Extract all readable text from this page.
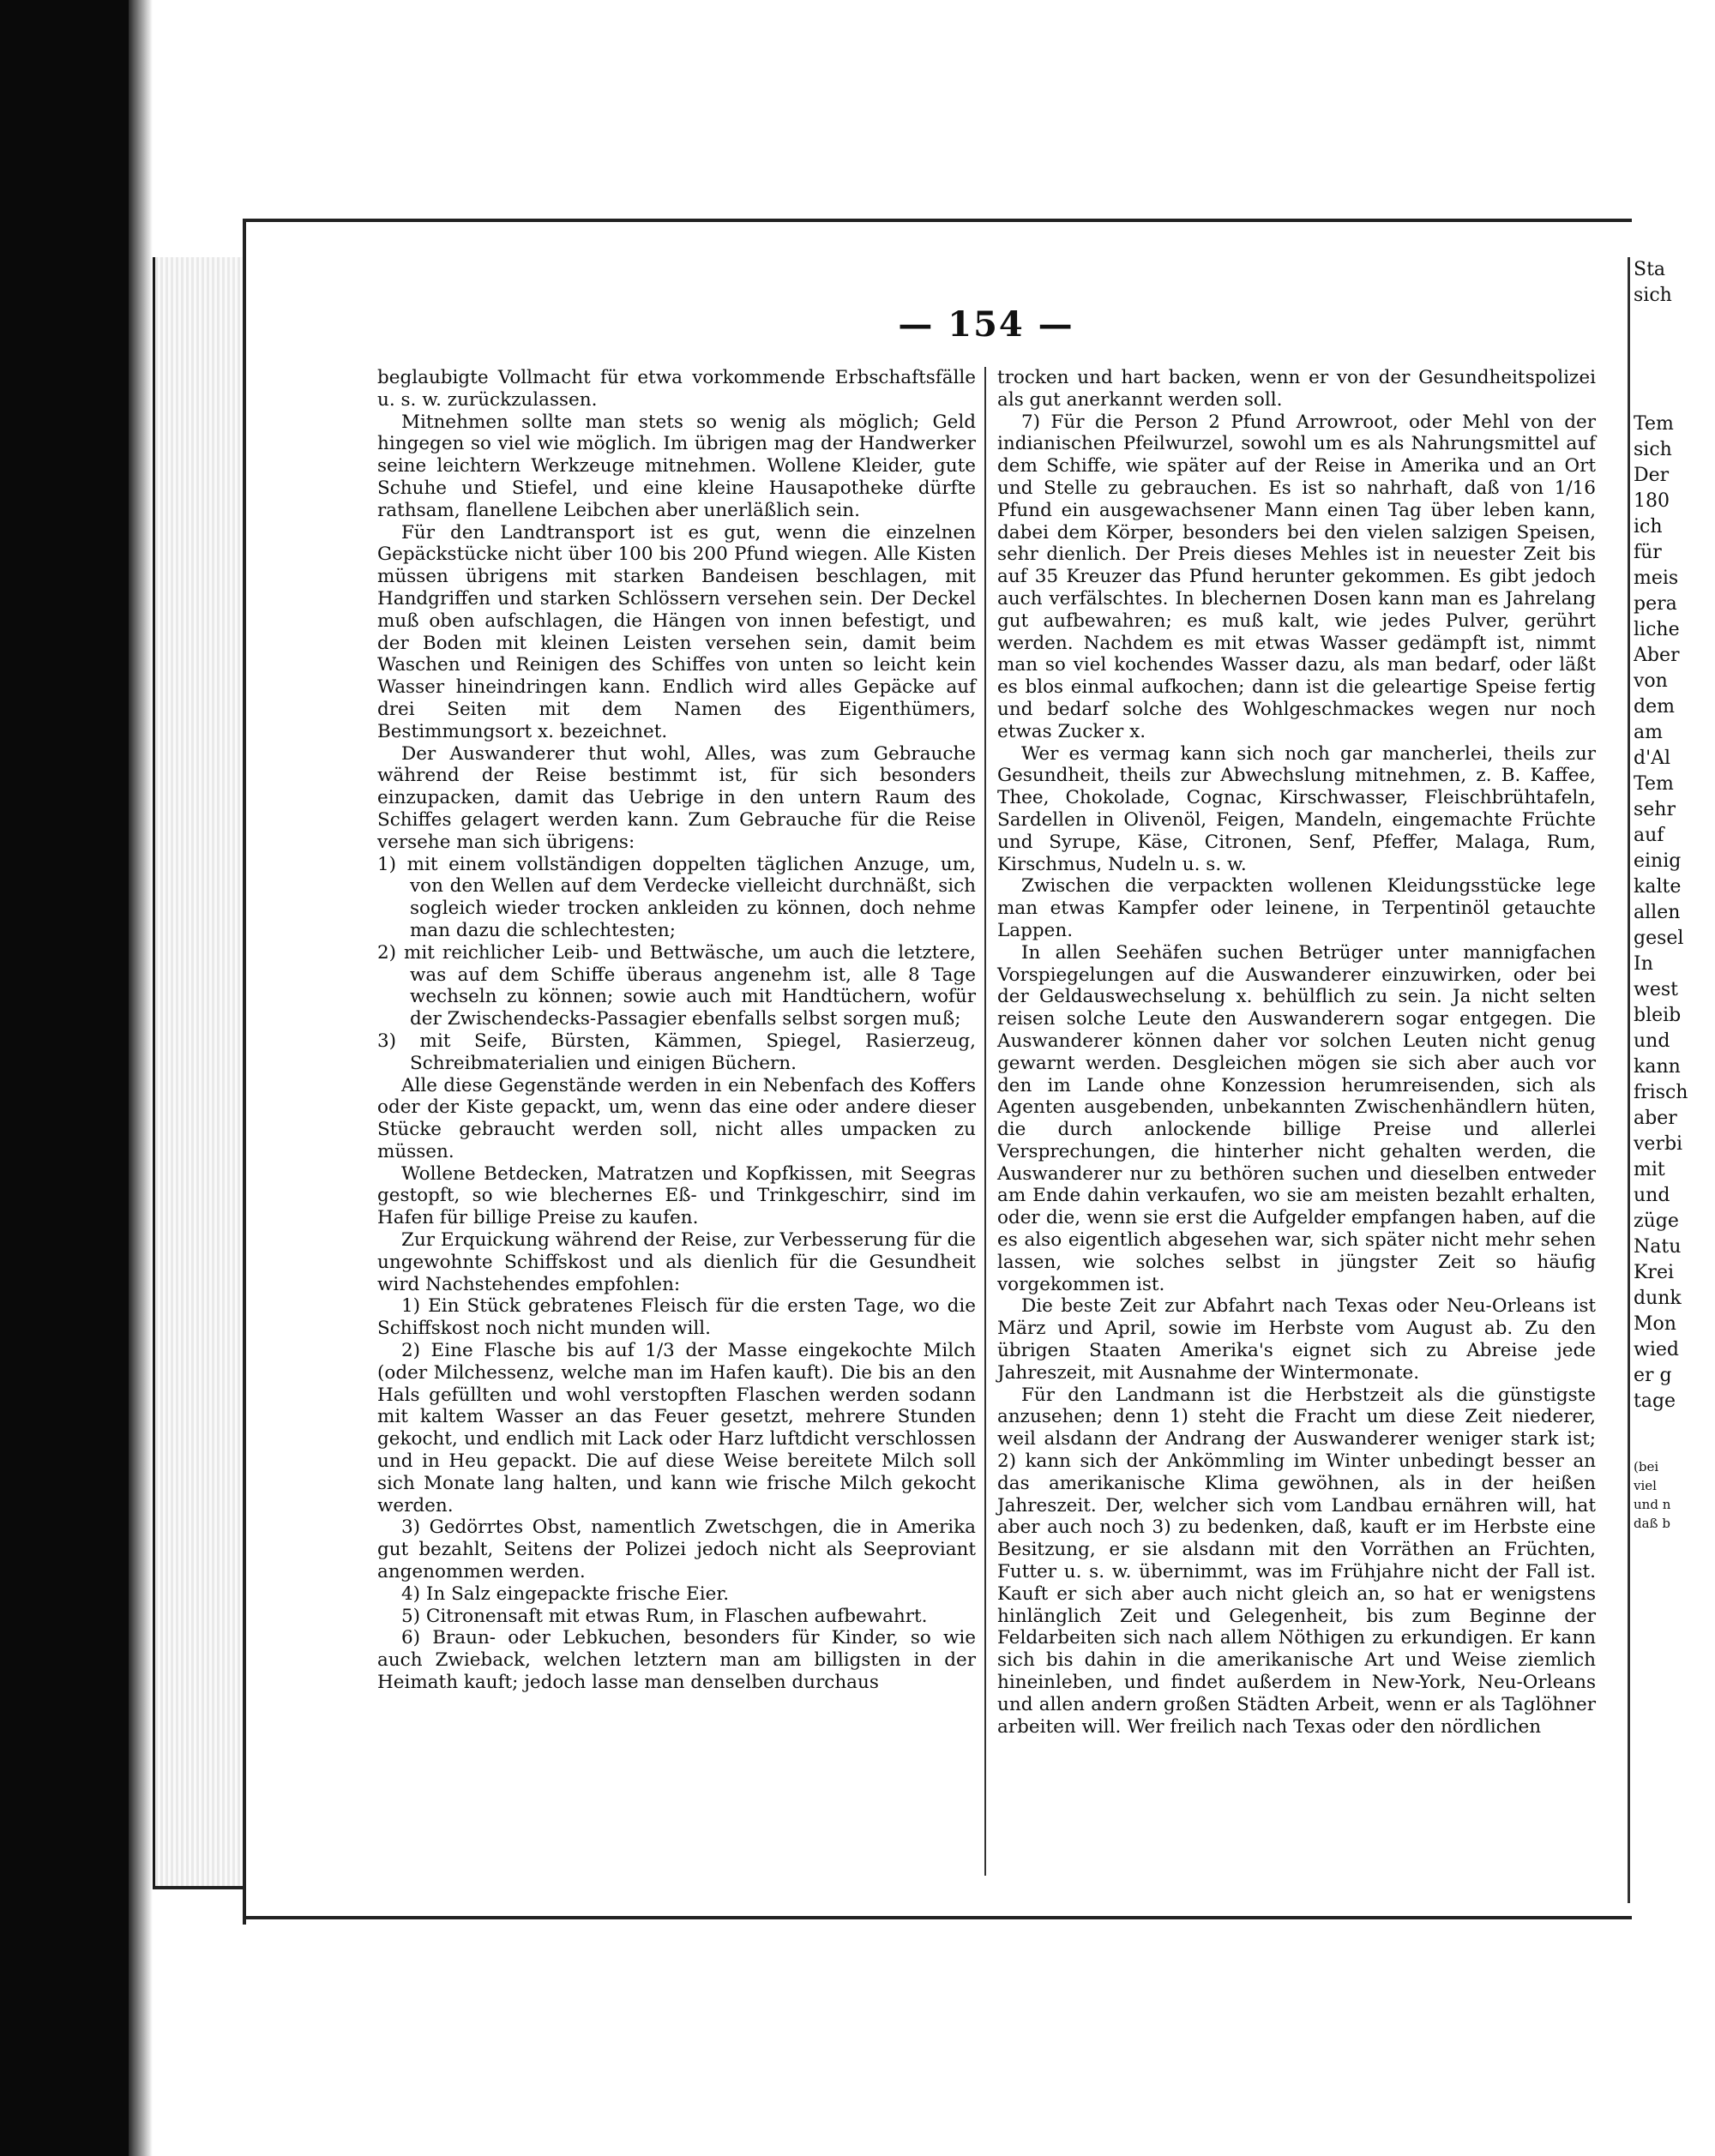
— 154 —

beglaubigte Vollmacht für etwa vorkommende Erbschaftsfälle u. s. w. zurückzulassen.

Mitnehmen sollte man stets so wenig als möglich; Geld hingegen so viel wie möglich. Im übrigen mag der Handwerker seine leichtern Werkzeuge mitnehmen. Wollene Kleider, gute Schuhe und Stiefel, und eine kleine Hausapotheke dürfte rathsam, flanellene Leibchen aber unerläßlich sein.

Für den Landtransport ist es gut, wenn die einzelnen Gepäckstücke nicht über 100 bis 200 Pfund wiegen. Alle Kisten müssen übrigens mit starken Bandeisen beschlagen, mit Handgriffen und starken Schlössern versehen sein. Der Deckel muß oben aufschlagen, die Hängen von innen befestigt, und der Boden mit kleinen Leisten versehen sein, damit beim Waschen und Reinigen des Schiffes von unten so leicht kein Wasser hineindringen kann. Endlich wird alles Gepäcke auf drei Seiten mit dem Namen des Eigenthümers, Bestimmungsort x. bezeichnet.

Der Auswanderer thut wohl, Alles, was zum Gebrauche während der Reise bestimmt ist, für sich besonders einzupacken, damit das Uebrige in den untern Raum des Schiffes gelagert werden kann. Zum Gebrauche für die Reise versehe man sich übrigens:

1) mit einem vollständigen doppelten täglichen Anzuge, um, von den Wellen auf dem Verdecke vielleicht durchnäßt, sich sogleich wieder trocken ankleiden zu können, doch nehme man dazu die schlechtesten;

2) mit reichlicher Leib- und Bettwäsche, um auch die letztere, was auf dem Schiffe überaus angenehm ist, alle 8 Tage wechseln zu können; sowie auch mit Handtüchern, wofür der Zwischendecks-Passagier ebenfalls selbst sorgen muß;

3) mit Seife, Bürsten, Kämmen, Spiegel, Rasierzeug, Schreibmaterialien und einigen Büchern.

Alle diese Gegenstände werden in ein Nebenfach des Koffers oder der Kiste gepackt, um, wenn das eine oder andere dieser Stücke gebraucht werden soll, nicht alles umpacken zu müssen.

Wollene Betdecken, Matratzen und Kopfkissen, mit Seegras gestopft, so wie blechernes Eß- und Trinkgeschirr, sind im Hafen für billige Preise zu kaufen.

Zur Erquickung während der Reise, zur Verbesserung für die ungewohnte Schiffskost und als dienlich für die Gesundheit wird Nachstehendes empfohlen:

1) Ein Stück gebratenes Fleisch für die ersten Tage, wo die Schiffskost noch nicht munden will.

2) Eine Flasche bis auf 1/3 der Masse eingekochte Milch (oder Milchessenz, welche man im Hafen kauft). Die bis an den Hals gefüllten und wohl verstopften Flaschen werden sodann mit kaltem Wasser an das Feuer gesetzt, mehrere Stunden gekocht, und endlich mit Lack oder Harz luftdicht verschlossen und in Heu gepackt. Die auf diese Weise bereitete Milch soll sich Monate lang halten, und kann wie frische Milch gekocht werden.

3) Gedörrtes Obst, namentlich Zwetschgen, die in Amerika gut bezahlt, Seitens der Polizei jedoch nicht als Seeproviant angenommen werden.

4) In Salz eingepackte frische Eier.

5) Citronensaft mit etwas Rum, in Flaschen aufbewahrt.

6) Braun- oder Lebkuchen, besonders für Kinder, so wie auch Zwieback, welchen letztern man am billigsten in der Heimath kauft; jedoch lasse man denselben durchaus

trocken und hart backen, wenn er von der Gesundheitspolizei als gut anerkannt werden soll.

7) Für die Person 2 Pfund Arrowroot, oder Mehl von der indianischen Pfeilwurzel, sowohl um es als Nahrungsmittel auf dem Schiffe, wie später auf der Reise in Amerika und an Ort und Stelle zu gebrauchen. Es ist so nahrhaft, daß von 1/16 Pfund ein ausgewachsener Mann einen Tag über leben kann, dabei dem Körper, besonders bei den vielen salzigen Speisen, sehr dienlich. Der Preis dieses Mehles ist in neuester Zeit bis auf 35 Kreuzer das Pfund herunter gekommen. Es gibt jedoch auch verfälschtes. In blechernen Dosen kann man es Jahrelang gut aufbewahren; es muß kalt, wie jedes Pulver, gerührt werden. Nachdem es mit etwas Wasser gedämpft ist, nimmt man so viel kochendes Wasser dazu, als man bedarf, oder läßt es blos einmal aufkochen; dann ist die geleartige Speise fertig und bedarf solche des Wohlgeschmackes wegen nur noch etwas Zucker x.

Wer es vermag kann sich noch gar mancherlei, theils zur Gesundheit, theils zur Abwechslung mitnehmen, z. B. Kaffee, Thee, Chokolade, Cognac, Kirschwasser, Fleischbrühtafeln, Sardellen in Olivenöl, Feigen, Mandeln, eingemachte Früchte und Syrupe, Käse, Citronen, Senf, Pfeffer, Malaga, Rum, Kirschmus, Nudeln u. s. w.

Zwischen die verpackten wollenen Kleidungsstücke lege man etwas Kampfer oder leinene, in Terpentinöl getauchte Lappen.

In allen Seehäfen suchen Betrüger unter mannigfachen Vorspiegelungen auf die Auswanderer einzuwirken, oder bei der Geldauswechselung x. behülflich zu sein. Ja nicht selten reisen solche Leute den Auswanderern sogar entgegen. Die Auswanderer können daher vor solchen Leuten nicht genug gewarnt werden. Desgleichen mögen sie sich aber auch vor den im Lande ohne Konzession herumreisenden, sich als Agenten ausgebenden, unbekannten Zwischenhändlern hüten, die durch anlockende billige Preise und allerlei Versprechungen, die hinterher nicht gehalten werden, die Auswanderer nur zu bethören suchen und dieselben entweder am Ende dahin verkaufen, wo sie am meisten bezahlt erhalten, oder die, wenn sie erst die Aufgelder empfangen haben, auf die es also eigentlich abgesehen war, sich später nicht mehr sehen lassen, wie solches selbst in jüngster Zeit so häufig vorgekommen ist.

Die beste Zeit zur Abfahrt nach Texas oder Neu-Orleans ist März und April, sowie im Herbste vom August ab. Zu den übrigen Staaten Amerika's eignet sich zu Abreise jede Jahreszeit, mit Ausnahme der Wintermonate.

Für den Landmann ist die Herbstzeit als die günstigste anzusehen; denn 1) steht die Fracht um diese Zeit niederer, weil alsdann der Andrang der Auswanderer weniger stark ist; 2) kann sich der Ankömmling im Winter unbedingt besser an das amerikanische Klima gewöhnen, als in der heißen Jahreszeit. Der, welcher sich vom Landbau ernähren will, hat aber auch noch 3) zu bedenken, daß, kauft er im Herbste eine Besitzung, er sie alsdann mit den Vorräthen an Früchten, Futter u. s. w. übernimmt, was im Frühjahre nicht der Fall ist. Kauft er sich aber auch nicht gleich an, so hat er wenigstens hinlänglich Zeit und Gelegenheit, bis zum Beginne der Feldarbeiten sich nach allem Nöthigen zu erkundigen. Er kann sich bis dahin in die amerikanische Art und Weise ziemlich hineinleben, und findet außerdem in New-York, Neu-Orleans und allen andern großen Städten Arbeit, wenn er als Taglöhner arbeiten will. Wer freilich nach Texas oder den nördlichen

Sta
sich

Tem
sich
Der
180
ich
für
meis
pera
liche
Aber
von
dem
am
d'Al
Tem
sehr
auf
einig
kalte
allen
gesel
In
west
bleib
und
kann
frisch
aber
verbi
mit
und
züge
Natu
Krei
dunk
Mon
wied
er g
tage
(bei
viel
und n
daß b
